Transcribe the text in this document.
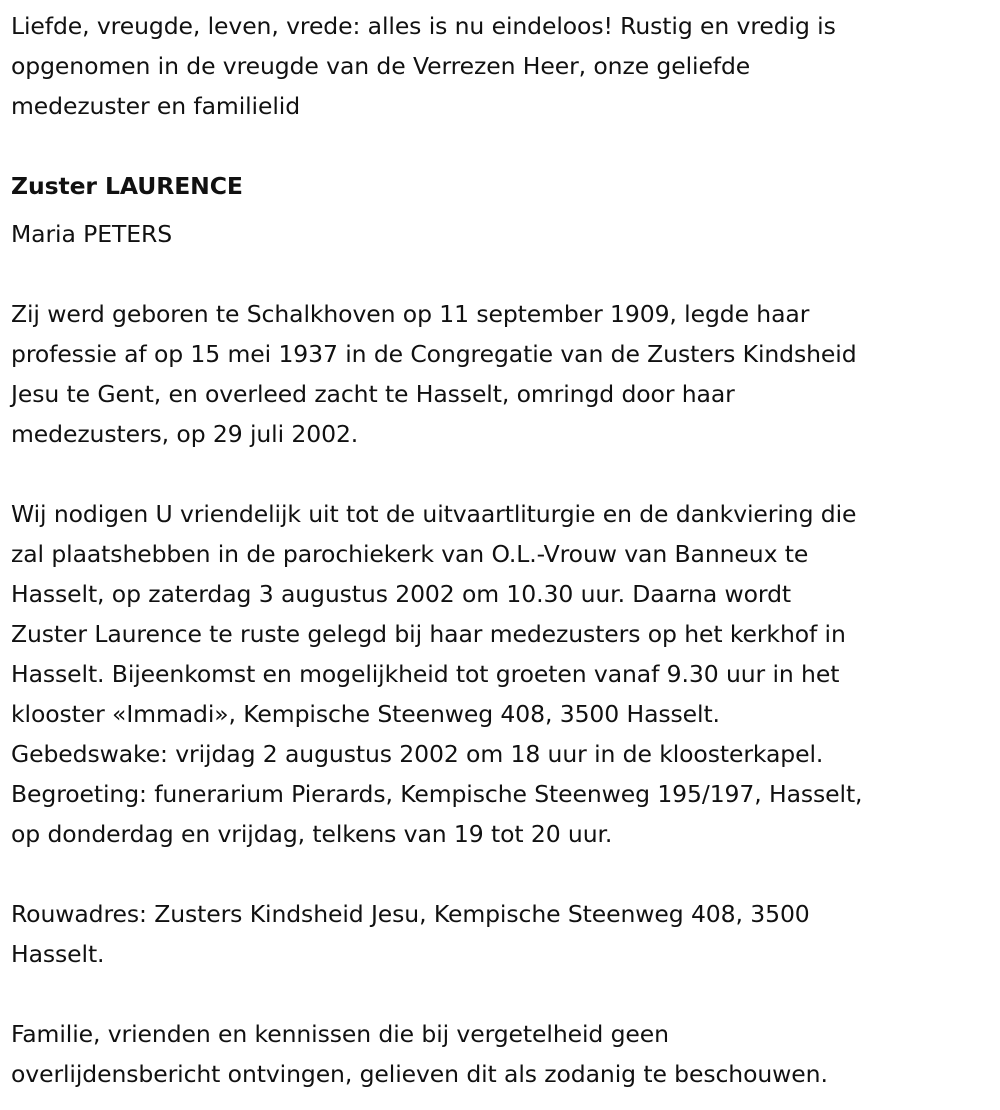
Liefde, vreugde, leven, vrede: alles is nu eindeloos! Rustig en vredig is
opgenomen in de vreugde van de Verrezen Heer, onze geliefde
medezuster en familielid
Zuster LAURENCE
Maria PETERS
Zij werd geboren te Schalkhoven op 11 september 1909, legde haar
professie af op 15 mei 1937 in de Congregatie van de Zusters Kindsheid
Jesu te Gent, en overleed zacht te Hasselt, omringd door haar
medezusters, op 29 juli 2002.
Wij nodigen U vriendelijk uit tot de uitvaartliturgie en de dankviering die
zal plaatshebben in de parochiekerk van O.L.-Vrouw van Banneux te
Hasselt, op zaterdag 3 augustus 2002 om 10.30 uur. Daarna wordt
Zuster Laurence te ruste gelegd bij haar medezusters op het kerkhof in
Hasselt. Bijeenkomst en mogelijkheid tot groeten vanaf 9.30 uur in het
klooster «Immadi», Kempische Steenweg 408, 3500 Hasselt.
Gebedswake: vrijdag 2 augustus 2002 om 18 uur in de kloosterkapel.
Begroeting: funerarium Pierards, Kempische Steenweg 195/197, Hasselt,
op donderdag en vrijdag, telkens van 19 tot 20 uur.
Rouwadres: Zusters Kindsheid Jesu, Kempische Steenweg 408, 3500
Hasselt.
Familie, vrienden en kennissen die bij vergetelheid geen
overlijdensbericht ontvingen, gelieven dit als zodanig te beschouwen.
